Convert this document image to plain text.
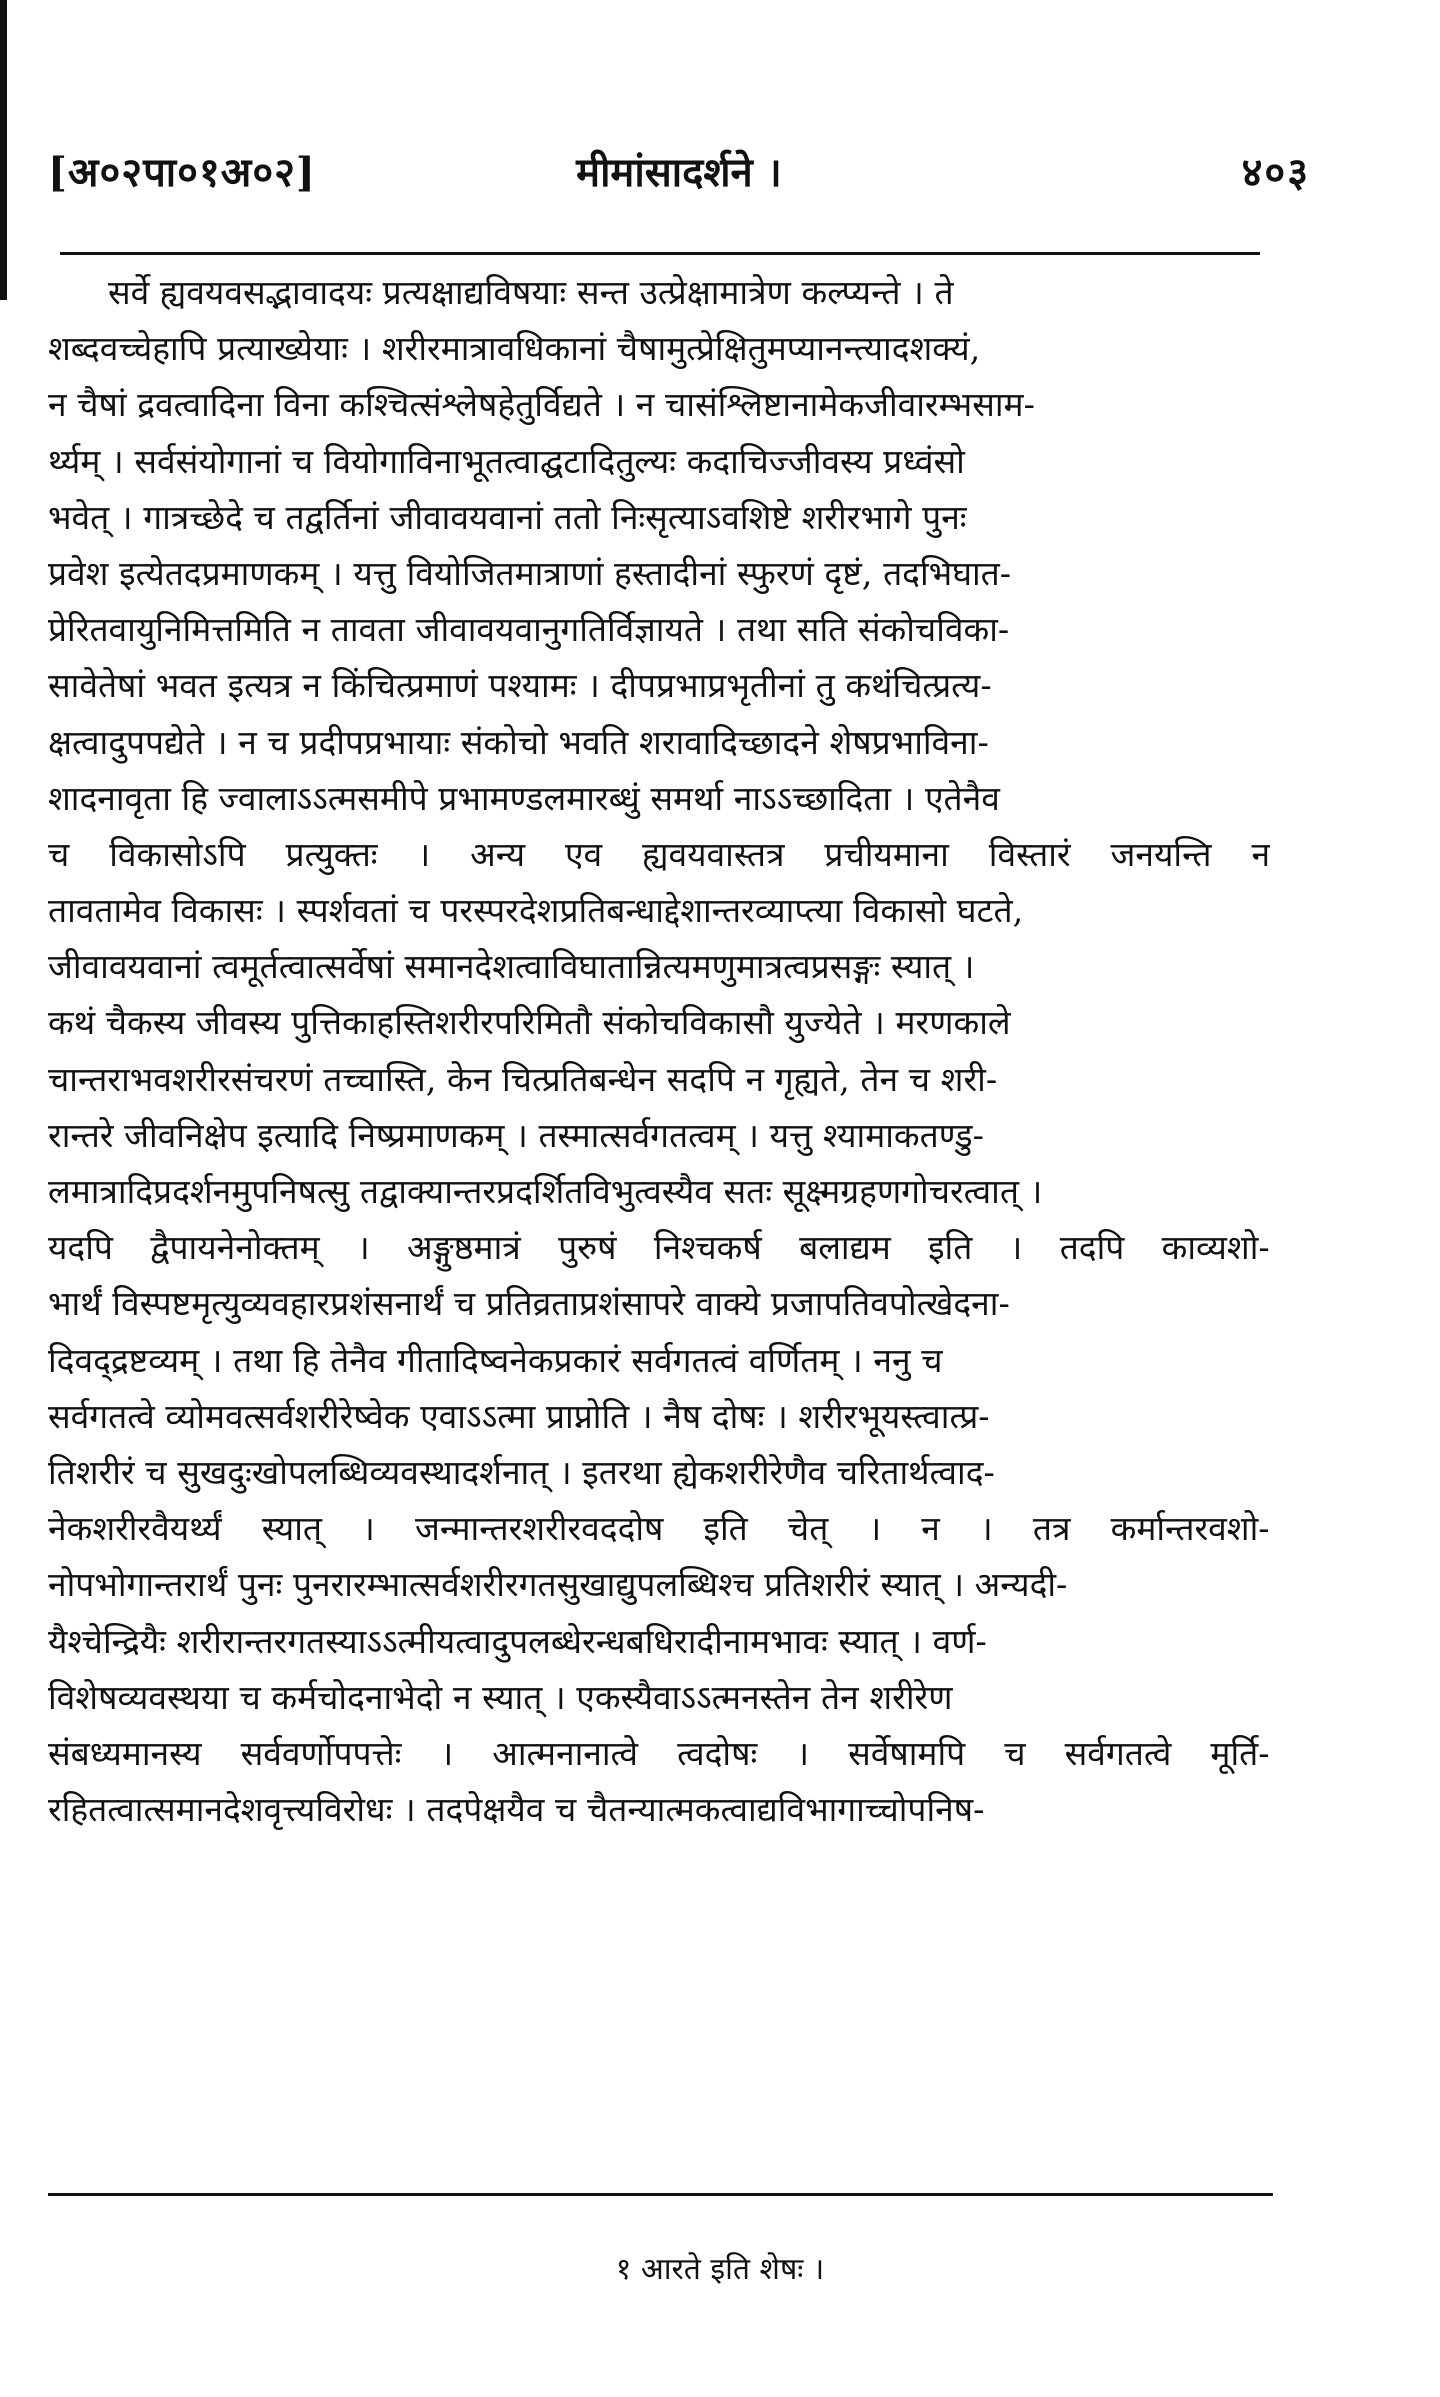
[अ०२पा०१अ०२]	मीमांसादर्शने ।	४०३
सर्वे ह्यवयवसद्भावादयः प्रत्यक्षाद्यविषयाः सन्त उत्प्रेक्षामात्रेण कल्प्यन्ते । ते
शब्दवच्चेहापि प्रत्याख्येयाः । शरीरमात्रावधिकानां चैषामुत्प्रेक्षितुमप्यानन्त्यादशक्यं,
न चैषां द्रवत्वादिना विना कश्चित्संश्लेषहेतुर्विद्यते । न चासंश्लिष्टानामेकजीवारम्भसाम-
र्थ्यम् । सर्वसंयोगानां च वियोगाविनाभूतत्वाद्घटादितुल्यः कदाचिज्जीवस्य प्रध्वंसो
भवेत् । गात्रच्छेदे च तद्वर्तिनां जीवावयवानां ततो निःसृत्याऽवशिष्टे शरीरभागे पुनः
प्रवेश इत्येतदप्रमाणकम् । यत्तु वियोजितमात्राणां हस्तादीनां स्फुरणं दृष्टं, तदभिघात-
प्रेरितवायुनिमित्तमिति न तावता जीवावयवानुगतिर्विज्ञायते । तथा सति संकोचविका-
सावेतेषां भवत इत्यत्र न किंचित्प्रमाणं पश्यामः । दीपप्रभाप्रभृतीनां तु कथंचित्प्रत्य-
क्षत्वादुपपद्येते । न च प्रदीपप्रभायाः संकोचो भवति शरावादिच्छादने शेषप्रभाविना-
शादनावृता हि ज्वालाऽऽत्मसमीपे प्रभामण्डलमारब्धुं समर्था नाऽऽच्छादिता । एतेनैव
च विकासोऽपि प्रत्युक्तः । अन्य एव ह्यवयवास्तत्र प्रचीयमाना विस्तारं जनयन्ति न
तावतामेव विकासः । स्पर्शवतां च परस्परदेशप्रतिबन्धाद्देशान्तरव्याप्त्या विकासो घटते,
जीवावयवानां त्वमूर्तत्वात्सर्वेषां समानदेशत्वाविघातान्नित्यमणुमात्रत्वप्रसङ्गः स्यात् ।
कथं चैकस्य जीवस्य पुत्तिकाहस्तिशरीरपरिमितौ संकोचविकासौ युज्येते । मरणकाले
चान्तराभवशरीरसंचरणं तच्चास्ति, केन चित्प्रतिबन्धेन सदपि न गृह्यते, तेन च शरी-
रान्तरे जीवनिक्षेप इत्यादि निष्प्रमाणकम् । तस्मात्सर्वगतत्वम् । यत्तु श्यामाकतण्डु-
लमात्रादिप्रदर्शनमुपनिषत्सु तद्वाक्यान्तरप्रदर्शितविभुत्वस्यैव सतः सूक्ष्मग्रहणगोचरत्वात् ।
यदपि द्वैपायनेनोक्तम् । अङ्गुष्ठमात्रं पुरुषं निश्चकर्ष बलाद्यम इति । तदपि काव्यशो-
भार्थं विस्पष्टमृत्युव्यवहारप्रशंसनार्थं च प्रतिव्रताप्रशंसापरे वाक्ये प्रजापतिवपोत्खेदना-
दिवद्द्रष्टव्यम् । तथा हि तेनैव गीतादिष्वनेकप्रकारं सर्वगतत्वं वर्णितम् । ननु च
सर्वगतत्वे व्योमवत्सर्वशरीरेष्वेक एवाऽऽत्मा प्राप्नोति । नैष दोषः । शरीरभूयस्त्वात्प्र-
तिशरीरं च सुखदुःखोपलब्धिव्यवस्थादर्शनात् । इतरथा ह्येकशरीरेणैव चरितार्थत्वाद-
नेकशरीरवैयर्थ्यं स्यात् । जन्मान्तरशरीरवददोष इति चेत् । न । तत्र कर्मान्तरवशो-
नोपभोगान्तरार्थं पुनः पुनरारम्भात्सर्वशरीरगतसुखाद्युपलब्धिश्च प्रतिशरीरं स्यात् । अन्यदी-
यैश्चेन्द्रियैः शरीरान्तरगतस्याऽऽत्मीयत्वादुपलब्धेरन्धबधिरादीनामभावः स्यात् । वर्ण-
विशेषव्यवस्थया च कर्मचोदनाभेदो न स्यात् । एकस्यैवाऽऽत्मनस्तेन तेन शरीरेण
संबध्यमानस्य सर्ववर्णोपपत्तेः । आत्मनानात्वे त्वदोषः । सर्वेषामपि च सर्वगतत्वे मूर्ति-
रहितत्वात्समानदेशवृत्त्यविरोधः । तदपेक्षयैव च चैतन्यात्मकत्वाद्यविभागाच्चोपनिष-
१ आरते इति शेषः ।
